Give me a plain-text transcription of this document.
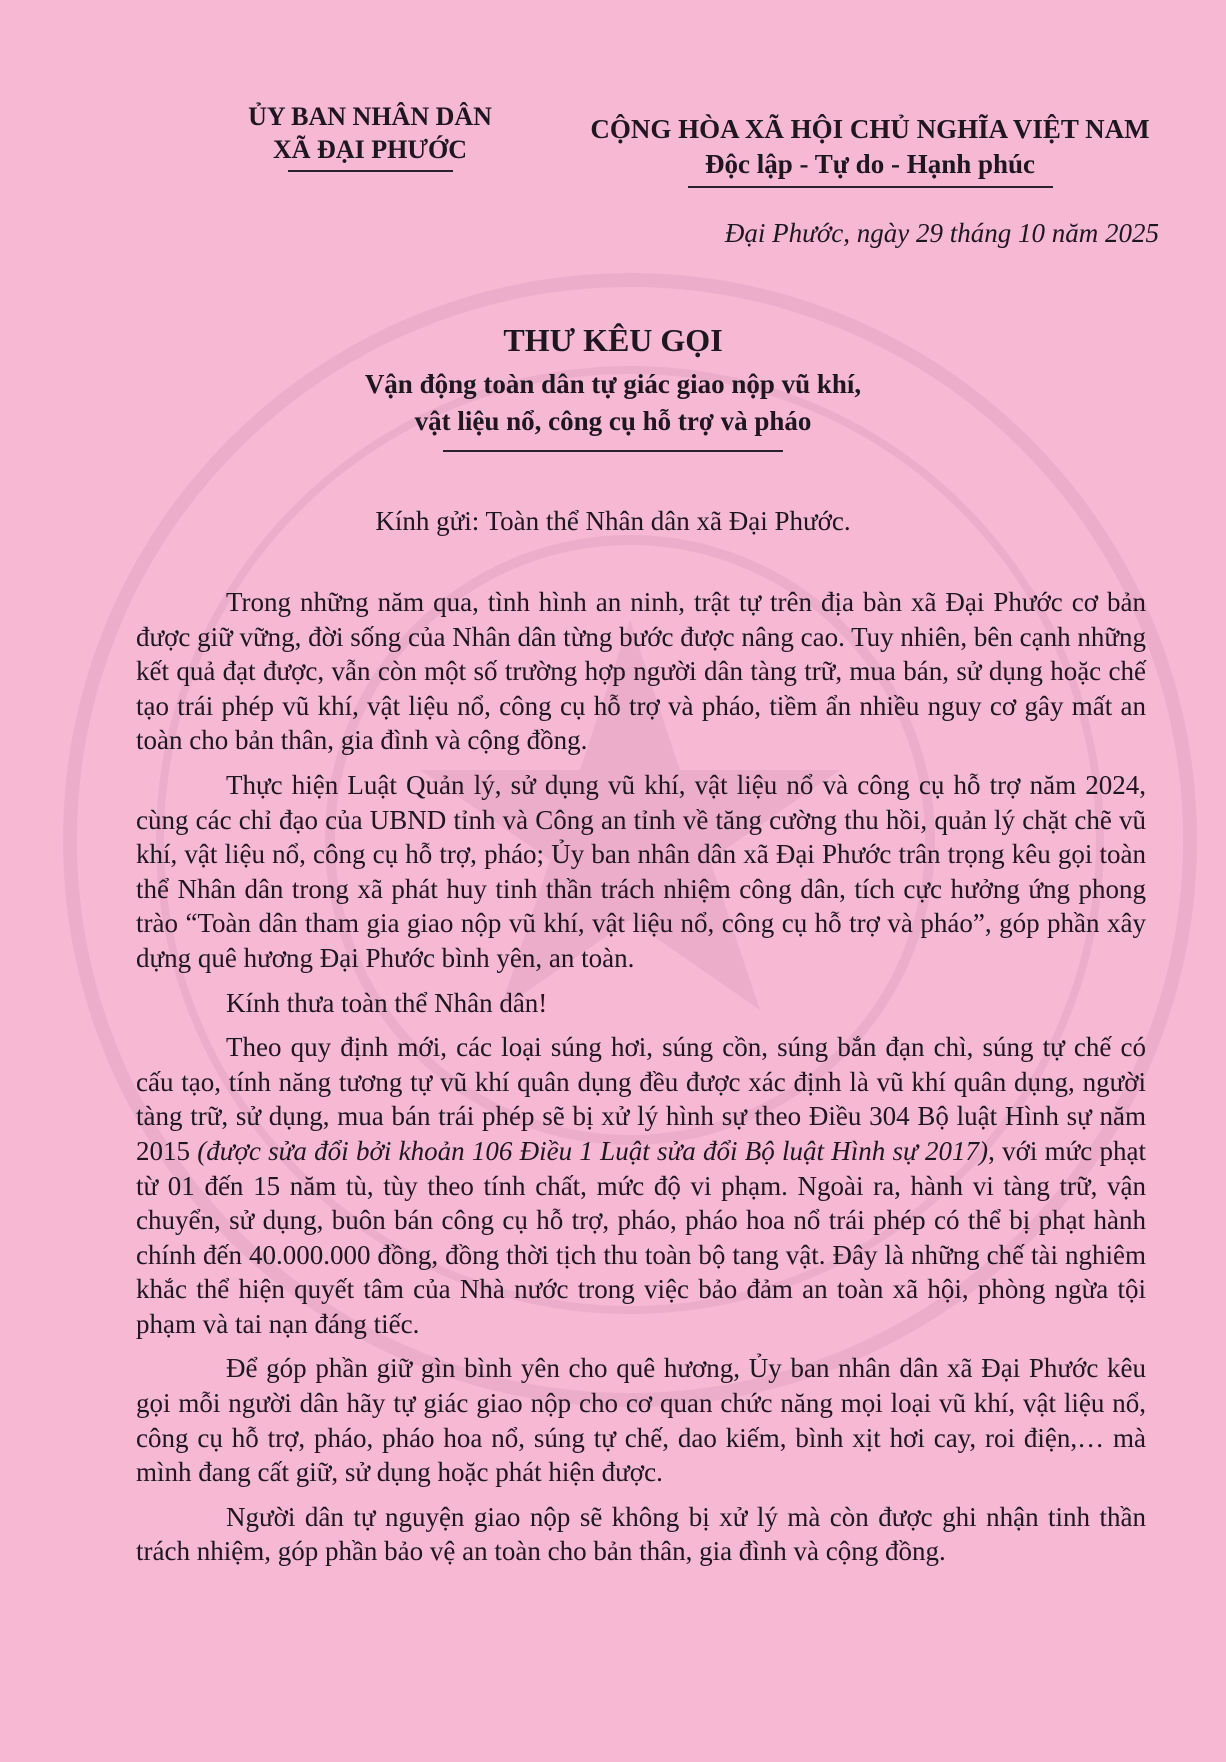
ỦY BAN NHÂN DÂN
XÃ ĐẠI PHƯỚC
CỘNG HÒA XÃ HỘI CHỦ NGHĨA VIỆT NAM
Độc lập - Tự do - Hạnh phúc
Đại Phước, ngày 29 tháng 10 năm 2025
THƯ KÊU GỌI
Vận động toàn dân tự giác giao nộp vũ khí,
vật liệu nổ, công cụ hỗ trợ và pháo
Kính gửi: Toàn thể Nhân dân xã Đại Phước.

Trong những năm qua, tình hình an ninh, trật tự trên địa bàn xã Đại Phước cơ bản được giữ vững, đời sống của Nhân dân từng bước được nâng cao. Tuy nhiên, bên cạnh những kết quả đạt được, vẫn còn một số trường hợp người dân tàng trữ, mua bán, sử dụng hoặc chế tạo trái phép vũ khí, vật liệu nổ, công cụ hỗ trợ và pháo, tiềm ẩn nhiều nguy cơ gây mất an toàn cho bản thân, gia đình và cộng đồng.

Thực hiện Luật Quản lý, sử dụng vũ khí, vật liệu nổ và công cụ hỗ trợ năm 2024, cùng các chỉ đạo của UBND tỉnh và Công an tỉnh về tăng cường thu hồi, quản lý chặt chẽ vũ khí, vật liệu nổ, công cụ hỗ trợ, pháo; Ủy ban nhân dân xã Đại Phước trân trọng kêu gọi toàn thể Nhân dân trong xã phát huy tinh thần trách nhiệm công dân, tích cực hưởng ứng phong trào “Toàn dân tham gia giao nộp vũ khí, vật liệu nổ, công cụ hỗ trợ và pháo”, góp phần xây dựng quê hương Đại Phước bình yên, an toàn.

Kính thưa toàn thể Nhân dân!

Theo quy định mới, các loại súng hơi, súng cồn, súng bắn đạn chì, súng tự chế có cấu tạo, tính năng tương tự vũ khí quân dụng đều được xác định là vũ khí quân dụng, người tàng trữ, sử dụng, mua bán trái phép sẽ bị xử lý hình sự theo Điều 304 Bộ luật Hình sự năm 2015 (được sửa đổi bởi khoản 106 Điều 1 Luật sửa đổi Bộ luật Hình sự 2017), với mức phạt từ 01 đến 15 năm tù, tùy theo tính chất, mức độ vi phạm. Ngoài ra, hành vi tàng trữ, vận chuyển, sử dụng, buôn bán công cụ hỗ trợ, pháo, pháo hoa nổ trái phép có thể bị phạt hành chính đến 40.000.000 đồng, đồng thời tịch thu toàn bộ tang vật. Đây là những chế tài nghiêm khắc thể hiện quyết tâm của Nhà nước trong việc bảo đảm an toàn xã hội, phòng ngừa tội phạm và tai nạn đáng tiếc.

Để góp phần giữ gìn bình yên cho quê hương, Ủy ban nhân dân xã Đại Phước kêu gọi mỗi người dân hãy tự giác giao nộp cho cơ quan chức năng mọi loại vũ khí, vật liệu nổ, công cụ hỗ trợ, pháo, pháo hoa nổ, súng tự chế, dao kiếm, bình xịt hơi cay, roi điện,… mà mình đang cất giữ, sử dụng hoặc phát hiện được.

Người dân tự nguyện giao nộp sẽ không bị xử lý mà còn được ghi nhận tinh thần trách nhiệm, góp phần bảo vệ an toàn cho bản thân, gia đình và cộng đồng.
